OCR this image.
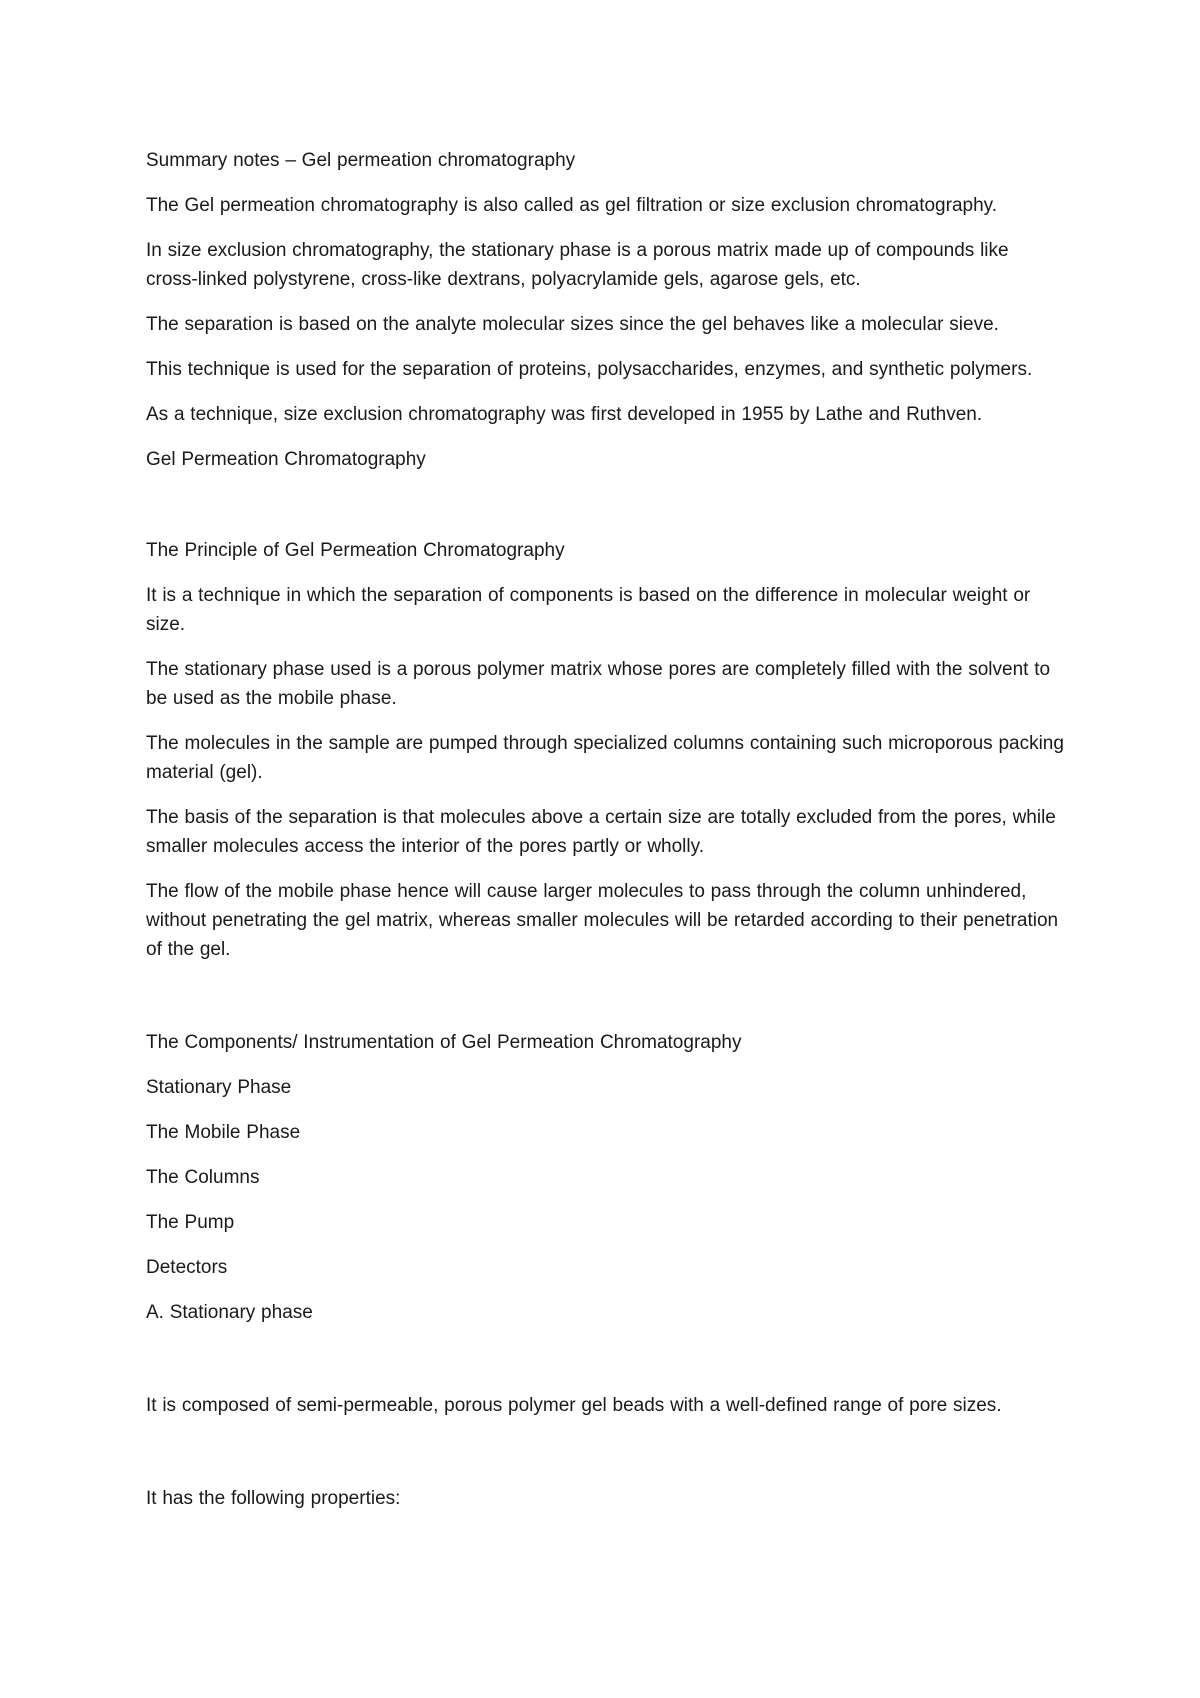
Summary notes – Gel permeation chromatography

The Gel permeation chromatography is also called as gel filtration or size exclusion chromatography.

In size exclusion chromatography, the stationary phase is a porous matrix made up of compounds like cross-linked polystyrene, cross-like dextrans, polyacrylamide gels, agarose gels, etc.

The separation is based on the analyte molecular sizes since the gel behaves like a molecular sieve.

This technique is used for the separation of proteins, polysaccharides, enzymes, and synthetic polymers.

As a technique, size exclusion chromatography was first developed in 1955 by Lathe and Ruthven.

Gel Permeation Chromatography

The Principle of Gel Permeation Chromatography

It is a technique in which the separation of components is based on the difference in molecular weight or size.

The stationary phase used is a porous polymer matrix whose pores are completely filled with the solvent to be used as the mobile phase.

The molecules in the sample are pumped through specialized columns containing such microporous packing material (gel).

The basis of the separation is that molecules above a certain size are totally excluded from the pores, while smaller molecules access the interior of the pores partly or wholly.

The flow of the mobile phase hence will cause larger molecules to pass through the column unhindered, without penetrating the gel matrix, whereas smaller molecules will be retarded according to their penetration of the gel.

The Components/ Instrumentation of Gel Permeation Chromatography

Stationary Phase

The Mobile Phase

The Columns

The Pump

Detectors

A. Stationary phase

It is composed of semi-permeable, porous polymer gel beads with a well-defined range of pore sizes.

It has the following properties:
